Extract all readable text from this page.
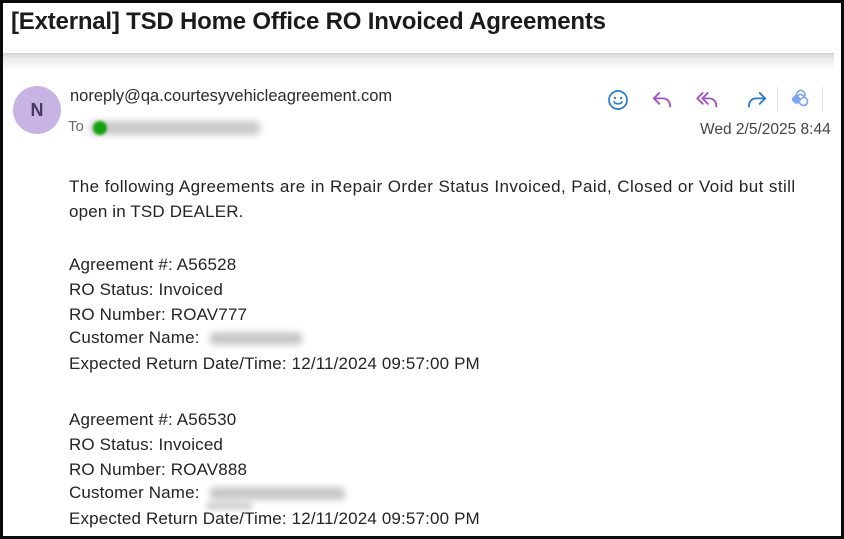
[External] TSD Home Office RO Invoiced Agreements
N
noreply@qa.courtesyvehicleagreement.com
To	Wed 2/5/2025 8:44
The following Agreements are in Repair Order Status Invoiced, Paid, Closed or Void but still
open in TSD DEALER.
Agreement #: A56528
RO Status: Invoiced
RO Number: ROAV777
Customer Name:
Expected Return Date/Time: 12/11/2024 09:57:00 PM
Agreement #: A56530
RO Status: Invoiced
RO Number: ROAV888
Customer Name:
Expected Return Date/Time: 12/11/2024 09:57:00 PM
